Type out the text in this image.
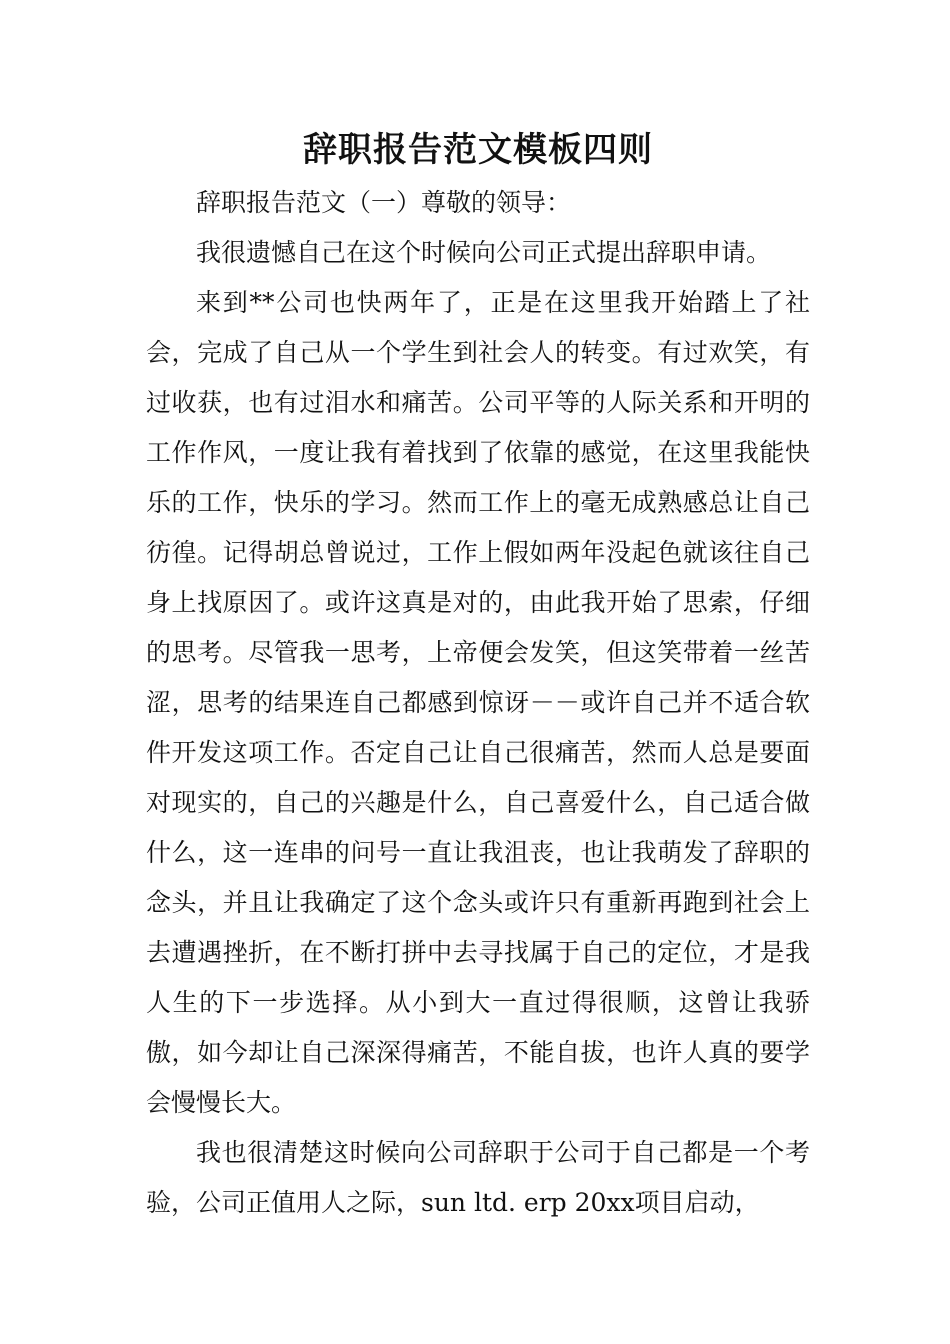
辞职报告范文模板四则

辞职报告范文（一）尊敬的领导：

我很遗憾自己在这个时候向公司正式提出辞职申请。

来到**公司也快两年了，正是在这里我开始踏上了社会，完成了自己从一个学生到社会人的转变。有过欢笑，有过收获，也有过泪水和痛苦。公司平等的人际关系和开明的工作作风，一度让我有着找到了依靠的感觉，在这里我能快乐的工作，快乐的学习。然而工作上的毫无成熟感总让自己彷徨。记得胡总曾说过，工作上假如两年没起色就该往自己身上找原因了。或许这真是对的，由此我开始了思索，仔细的思考。尽管我一思考，上帝便会发笑，但这笑带着一丝苦涩，思考的结果连自己都感到惊讶－－或许自己并不适合软件开发这项工作。否定自己让自己很痛苦，然而人总是要面对现实的，自己的兴趣是什么，自己喜爱什么，自己适合做什么，这一连串的问号一直让我沮丧，也让我萌发了辞职的念头，并且让我确定了这个念头或许只有重新再跑到社会上去遭遇挫折，在不断打拼中去寻找属于自己的定位，才是我人生的下一步选择。从小到大一直过得很顺，这曾让我骄傲，如今却让自己深深得痛苦，不能自拔，也许人真的要学会慢慢长大。

我也很清楚这时候向公司辞职于公司于自己都是一个考验，公司正值用人之际，sun ltd. erp 20xx项目启动，
